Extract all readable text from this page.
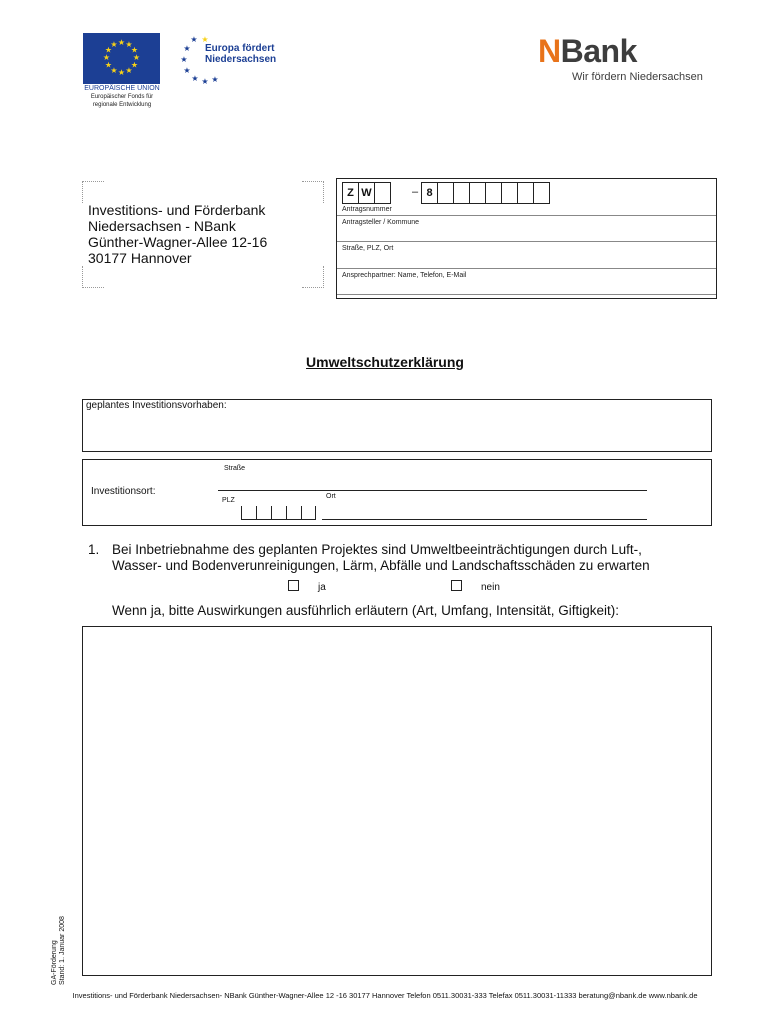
★ ★
★
★
★
★
★
★
★
★
★
★
EUROPÄISCHE UNION
Europäischer Fonds für
regionale Entwicklung
★
★
★
★
★ ★ ★
★
Europa fördert
Niedersachsen	NBank
Wir fördern Niedersachsen
Investitions- und Förderbank
Niedersachsen - NBank
Günther-Wagner-Allee 12-16
30177 Hannover
Z W	– 8
Antragsnummer
Antragsteller / Kommune
Straße, PLZ, Ort
Ansprechpartner: Name, Telefon, E-Mail
Umweltschutzerklärung
geplantes Investitionsvorhaben:
Straße
Investitionsort:	Ort
PLZ
1. Bei Inbetriebnahme des geplanten Projektes sind Umweltbeeinträchtigungen durch Luft-,
Wasser- und Bodenverunreinigungen, Lärm, Abfälle und Landschaftsschäden zu erwarten
ja	nein
Wenn ja, bitte Auswirkungen ausführlich erläutern (Art, Umfang, Intensität, Giftigkeit):
GA-Förderung Stand: 1. Januar 2008
Investitions- und Förderbank Niedersachsen- NBank Günther-Wagner-Allee 12 -16 30177 Hannover Telefon 0511.30031-333 Telefax 0511.30031-11333 beratung@nbank.de www.nbank.de
